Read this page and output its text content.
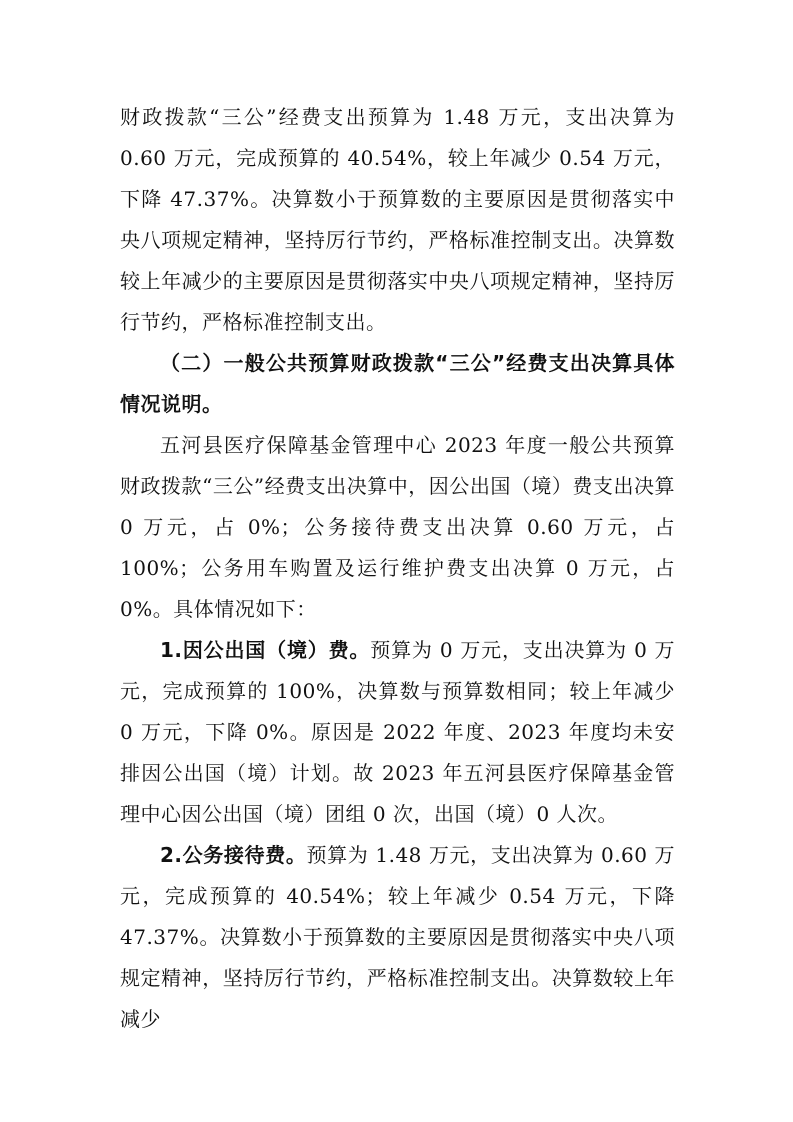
财政拨款“三公”经费支出预算为 1.48 万元，支出决算为 0.60 万元，完成预算的 40.54%，较上年减少 0.54 万元，下降 47.37%。决算数小于预算数的主要原因是贯彻落实中央八项规定精神，坚持厉行节约，严格标准控制支出。决算数较上年减少的主要原因是贯彻落实中央八项规定精神，坚持厉行节约，严格标准控制支出。

（二）一般公共预算财政拨款“三公”经费支出决算具体情况说明。

五河县医疗保障基金管理中心 2023 年度一般公共预算财政拨款“三公”经费支出决算中，因公出国（境）费支出决算 0 万元，占 0%；公务接待费支出决算 0.60 万元，占 100%；公务用车购置及运行维护费支出决算 0 万元，占 0%。具体情况如下：

1.因公出国（境）费。预算为 0 万元，支出决算为 0 万元，完成预算的 100%，决算数与预算数相同；较上年减少 0 万元，下降 0%。原因是 2022 年度、2023 年度均未安排因公出国（境）计划。故 2023 年五河县医疗保障基金管理中心因公出国（境）团组 0 次，出国（境）0 人次。

2.公务接待费。预算为 1.48 万元，支出决算为 0.60 万元，完成预算的 40.54%；较上年减少 0.54 万元，下降 47.37%。决算数小于预算数的主要原因是贯彻落实中央八项规定精神，坚持厉行节约，严格标准控制支出。决算数较上年减少
